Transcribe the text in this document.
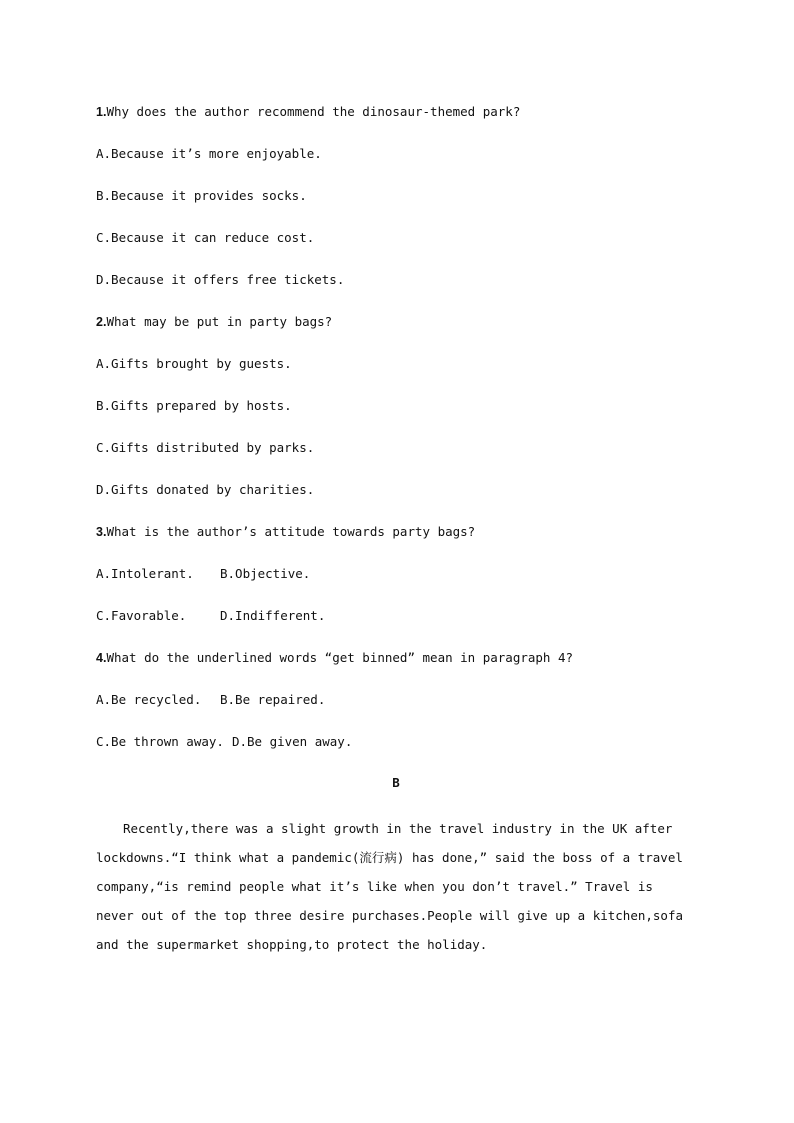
1.Why does the author recommend the dinosaur-themed park?
A.Because it’s more enjoyable.
B.Because it provides socks.
C.Because it can reduce cost.
D.Because it offers free tickets.
2.What may be put in party bags?
A.Gifts brought by guests.
B.Gifts prepared by hosts.
C.Gifts distributed by parks.
D.Gifts donated by charities.
3.What is the author’s attitude towards party bags?
A.Intolerant. B.Objective.
C.Favorable.	D.Indifferent.
4.What do the underlined words “get binned” mean in paragraph 4?
A.Be recycled. B.Be repaired.
C.Be thrown away. D.Be given away.
B

Recently,there was a slight growth in the travel industry in the UK after lockdowns.“I think what a pandemic(流行病) has done,” said the boss of a travel company,“is remind people what it’s like when you don’t travel.” Travel is never out of the top three desire purchases.People will give up a kitchen,sofa and the supermarket shopping,to protect the holiday.
